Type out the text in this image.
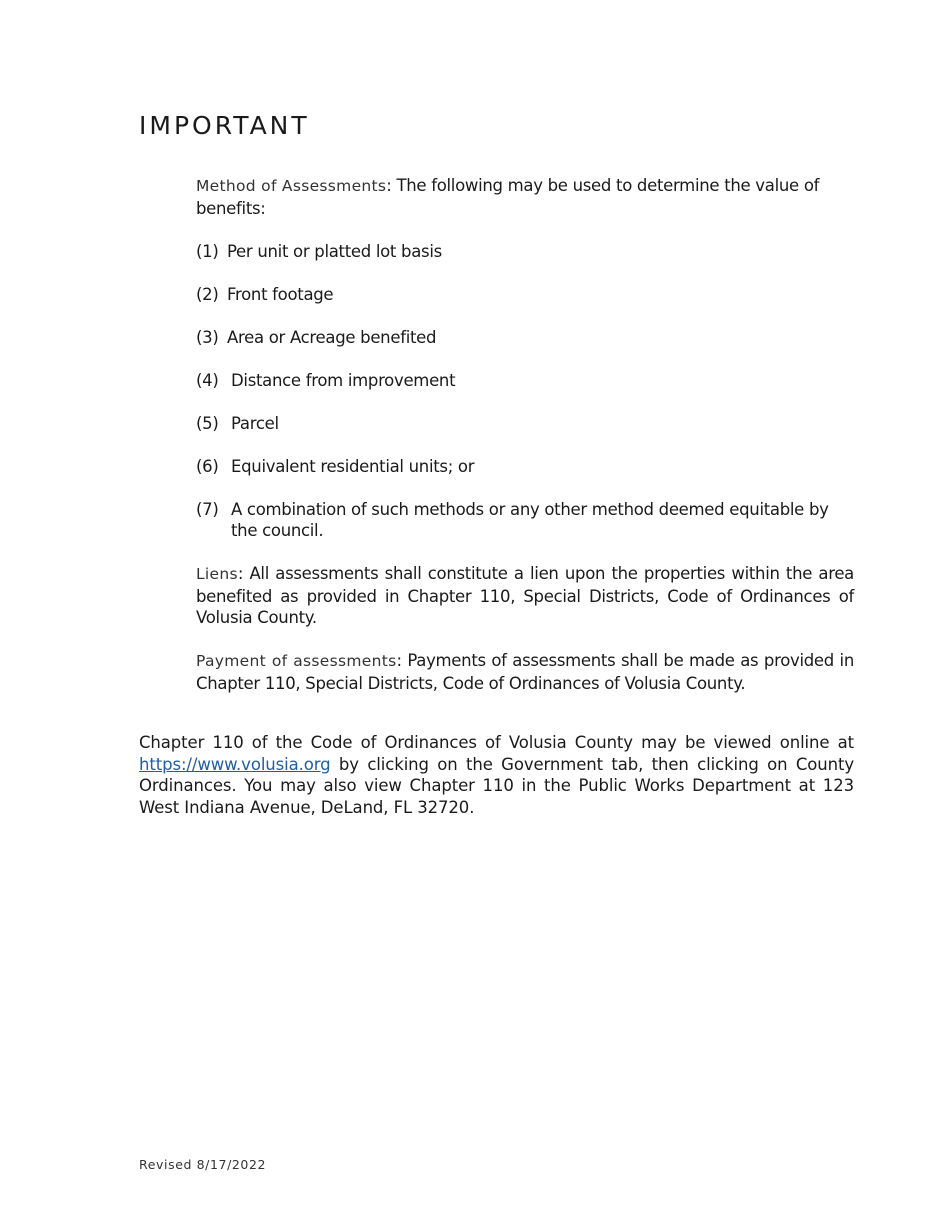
IMPORTANT

Method of Assessments: The following may be used to determine the value of benefits:

(1) Per unit or platted lot basis
(2) Front footage
(3) Area or Acreage benefited
(4) Distance from improvement
(5) Parcel
(6) Equivalent residential units; or
(7) A combination of such methods or any other method deemed equitable by the council.

Liens: All assessments shall constitute a lien upon the properties within the area benefited as provided in Chapter 110, Special Districts, Code of Ordinances of Volusia County.

Payment of assessments: Payments of assessments shall be made as provided in Chapter 110, Special Districts, Code of Ordinances of Volusia County.

Chapter 110 of the Code of Ordinances of Volusia County may be viewed online at https://www.volusia.org by clicking on the Government tab, then clicking on County Ordinances. You may also view Chapter 110 in the Public Works Department at 123 West Indiana Avenue, DeLand, FL 32720.

Revised 8/17/2022
